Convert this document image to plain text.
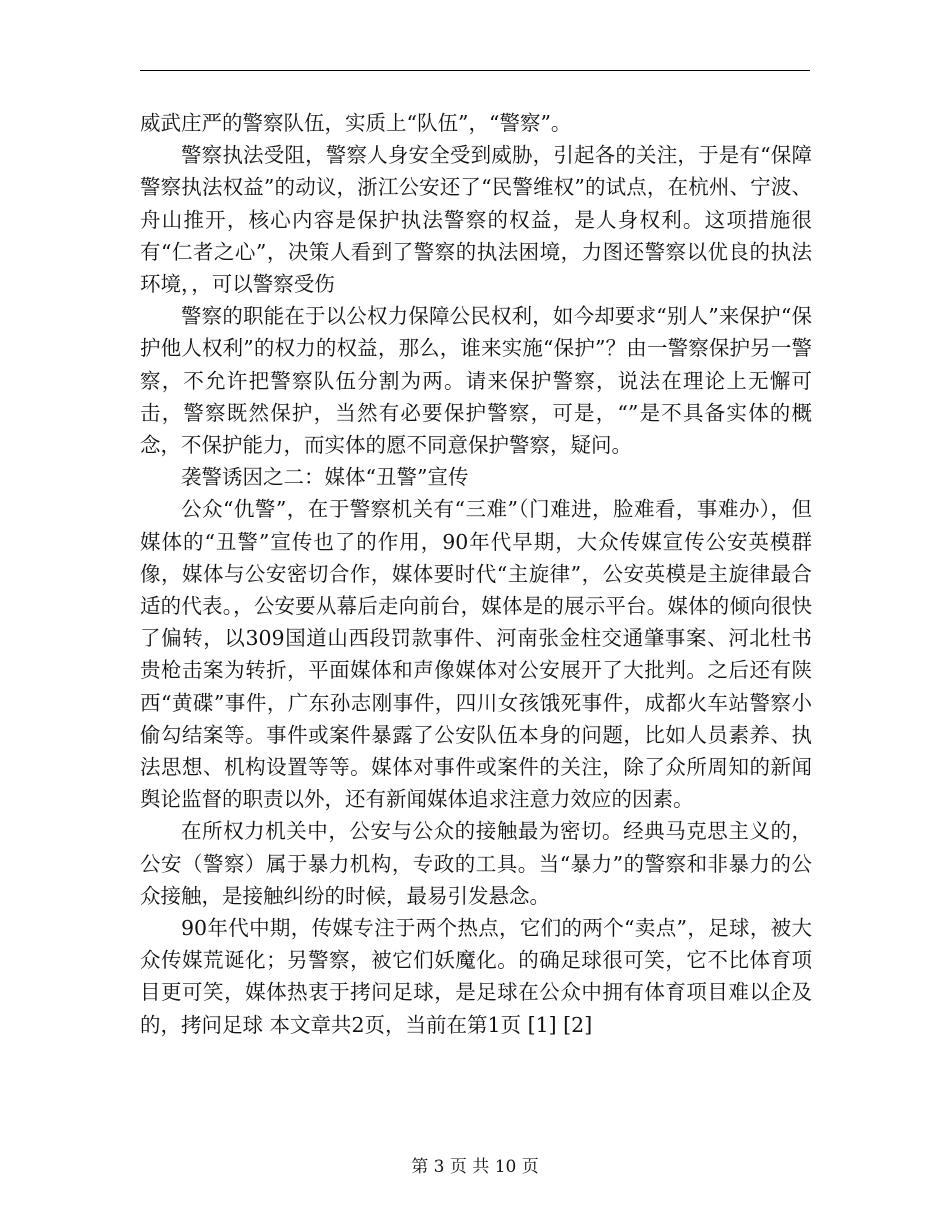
威武庄严的警察队伍，实质上“队伍”，“警察”。

警察执法受阻，警察人身安全受到威胁，引起各的关注，于是有“保障警察执法权益”的动议，浙江公安还了“民警维权”的试点，在杭州、宁波、舟山推开，核心内容是保护执法警察的权益，是人身权利。这项措施很有“仁者之心”，决策人看到了警察的执法困境，力图还警察以优良的执法环境，，可以警察受伤

警察的职能在于以公权力保障公民权利，如今却要求“别人”来保护“保护他人权利”的权力的权益，那么，谁来实施“保护”？由一警察保护另一警察，不允许把警察队伍分割为两。请来保护警察，说法在理论上无懈可击，警察既然保护，当然有必要保护警察，可是，“”是不具备实体的概念，不保护能力，而实体的愿不同意保护警察，疑问。

袭警诱因之二：媒体“丑警”宣传

公众“仇警”，在于警察机关有“三难”（门难进，脸难看，事难办），但媒体的“丑警”宣传也了的作用，90年代早期，大众传媒宣传公安英模群像，媒体与公安密切合作，媒体要时代“主旋律”，公安英模是主旋律最合适的代表。，公安要从幕后走向前台，媒体是的展示平台。媒体的倾向很快了偏转，以309国道山西段罚款事件、河南张金柱交通肇事案、河北杜书贵枪击案为转折，平面媒体和声像媒体对公安展开了大批判。之后还有陕西“黄碟”事件，广东孙志刚事件，四川女孩饿死事件，成都火车站警察小偷勾结案等。事件或案件暴露了公安队伍本身的问题，比如人员素养、执法思想、机构设置等等。媒体对事件或案件的关注，除了众所周知的新闻舆论监督的职责以外，还有新闻媒体追求注意力效应的因素。

在所权力机关中，公安与公众的接触最为密切。经典马克思主义的，公安（警察）属于暴力机构，专政的工具。当“暴力”的警察和非暴力的公众接触，是接触纠纷的时候，最易引发悬念。

90年代中期，传媒专注于两个热点，它们的两个“卖点”，足球，被大众传媒荒诞化；另警察，被它们妖魔化。的确足球很可笑，它不比体育项目更可笑，媒体热衷于拷问足球，是足球在公众中拥有体育项目难以企及的，拷问足球 本文章共2页，当前在第1页 [1] [2]

第 3 页 共 10 页
